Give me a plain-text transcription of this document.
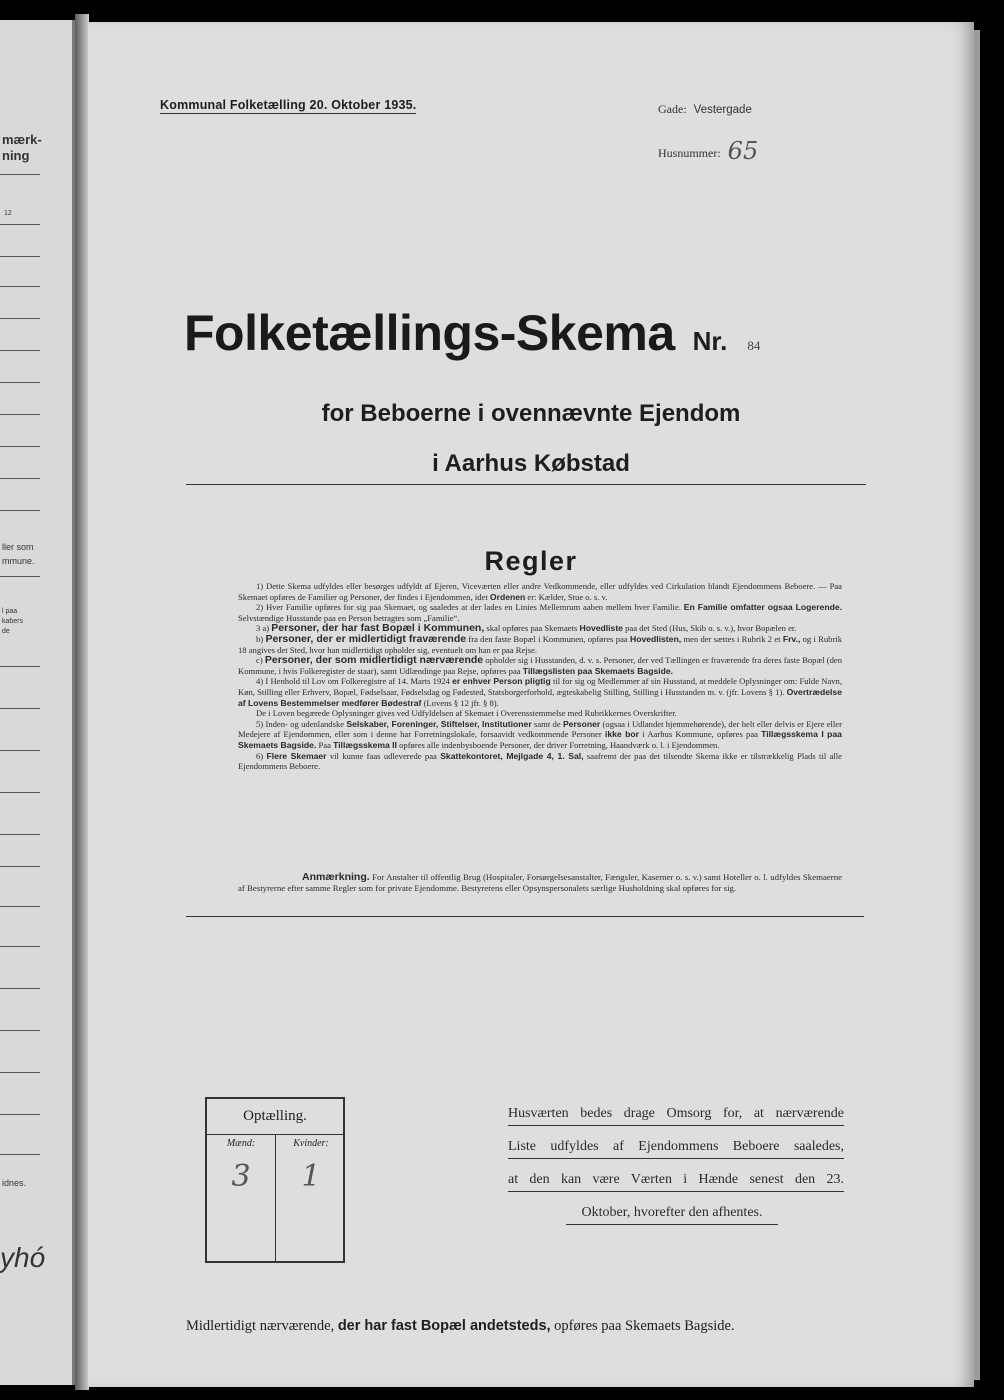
mærk-
ning
12
ller som
mmune.
l paa
kabers
de
idnes.
yhó
Kommunal Folketælling 20. Oktober 1935.	Gade: Vestergade
Husnummer: 65
Folketællings-Skema Nr. 84
for Beboerne i ovennævnte Ejendom
i Aarhus Købstad
Regler

1) Dette Skema udfyldes eller besørges udfyldt af Ejeren, Viceværten eller andre Vedkommende, eller udfyldes ved Cirkulation blandt Ejendommens Beboere. — Paa Skemaet opføres de Familier og Personer, der findes i Ejendommen, idet Ordenen er: Kælder, Stue o. s. v.

2) Hver Familie opføres for sig paa Skemaet, og saaledes at der lades en Linies Mellemrum aaben mellem hver Familie. En Familie omfatter ogsaa Logerende. Selvstændige Husstande paa en Person betragtes som „Familie“.

3 a) Personer, der har fast Bopæl i Kommunen, skal opføres paa Skemaets Hovedliste paa det Sted (Hus, Skib o. s. v.), hvor Bopælen er.

b) Personer, der er midlertidigt fraværende fra den faste Bopæl i Kommunen, opføres paa Hovedlisten, men der sættes i Rubrik 2 et Frv., og i Rubrik 18 angives det Sted, hvor han midlertidigt opholder sig, eventuelt om han er paa Rejse.

c) Personer, der som midlertidigt nærværende opholder sig i Husstanden, d. v. s. Personer, der ved Tællingen er fraværende fra deres faste Bopæl (den Kommune, i hvis Folkeregister de staar), samt Udlændinge paa Rejse, opføres paa Tillægslisten paa Skemaets Bagside.

4) I Henhold til Lov om Folkeregistre af 14. Marts 1924 er enhver Person pligtig til for sig og Medlemmer af sin Husstand, at meddele Oplysninger om: Fulde Navn, Køn, Stilling eller Erhverv, Bopæl, Fødselsaar, Fødselsdag og Fødested, Statsborgerforhold, ægteskabelig Stilling, Stilling i Husstanden m. v. (jfr. Lovens § 1). Overtrædelse af Lovens Bestemmelser medfører Bødestraf (Lovens § 12 jfr. § 8).

De i Loven begærede Oplysninger gives ved Udfyldelsen af Skemaet i Overensstemmelse med Rubrikkernes Overskrifter.

5) Inden- og udenlandske Selskaber, Foreninger, Stiftelser, Institutioner samt de Personer (ogsaa i Udlandet hjemmehørende), der helt eller delvis er Ejere eller Medejere af Ejendommen, eller som i denne har Forretningslokale, forsaavidt vedkommende Personer ikke bor i Aarhus Kommune, opføres paa Tillægsskema I paa Skemaets Bagside. Paa Tillægsskema II opføres alle indenbysboende Personer, der driver Forretning, Haandværk o. l. i Ejendommen.

6) Flere Skemaer vil kunne faas udleverede paa Skattekontoret, Mejlgade 4, 1. Sal, saafremt der paa det tilsendte Skema ikke er tilstrækkelig Plads til alle Ejendommens Beboere.

Anmærkning. For Anstalter til offentlig Brug (Hospitaler, Forsørgelsesanstalter, Fængsler, Kaserner o. s. v.) samt Hoteller o. l. udfyldes Skemaerne af Bestyrerne efter samme Regler som for private Ejendomme. Bestyrerens eller Opsynspersonalets særlige Husholdning skal opføres for sig.

Optælling.
Mænd:	Kvinder:
3	1
Husværten bedes drage Omsorg for, at nærværende
Liste udfyldes af Ejendommens Beboere saaledes,
at den kan være Værten i Hænde senest den 23.
Oktober, hvorefter den afhentes.
Midlertidigt nærværende, der har fast Bopæl andetsteds, opføres paa Skemaets Bagside.
